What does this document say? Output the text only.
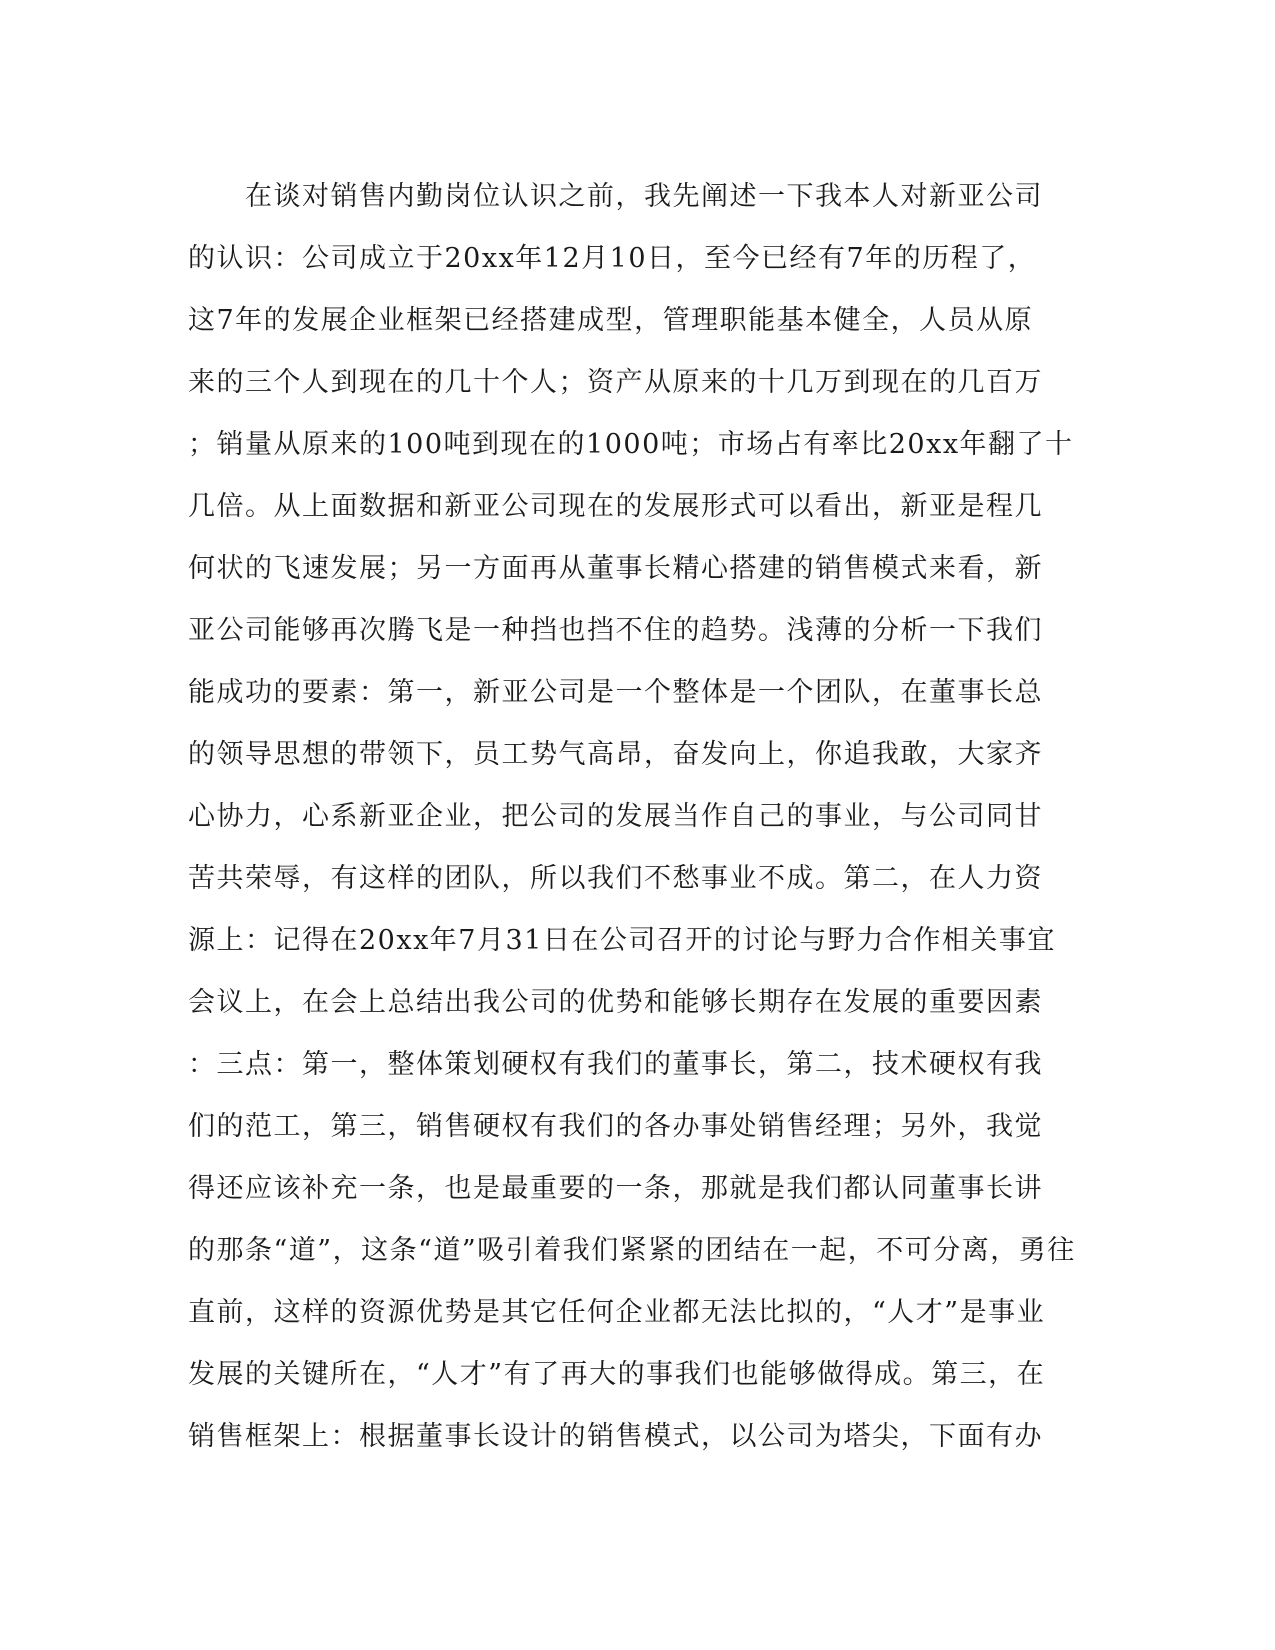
　　在谈对销售内勤岗位认识之前，我先阐述一下我本人对新亚公司
的认识：公司成立于20xx年12月10日，至今已经有7年的历程了，
这7年的发展企业框架已经搭建成型，管理职能基本健全，人员从原
来的三个人到现在的几十个人；资产从原来的十几万到现在的几百万
；销量从原来的100吨到现在的1000吨；市场占有率比20xx年翻了十
几倍。从上面数据和新亚公司现在的发展形式可以看出，新亚是程几
何状的飞速发展；另一方面再从董事长精心搭建的销售模式来看，新
亚公司能够再次腾飞是一种挡也挡不住的趋势。浅薄的分析一下我们
能成功的要素：第一，新亚公司是一个整体是一个团队，在董事长总
的领导思想的带领下，员工势气高昂，奋发向上，你追我敢，大家齐
心协力，心系新亚企业，把公司的发展当作自己的事业，与公司同甘
苦共荣辱，有这样的团队，所以我们不愁事业不成。第二，在人力资
源上：记得在20xx年7月31日在公司召开的讨论与野力合作相关事宜
会议上，在会上总结出我公司的优势和能够长期存在发展的重要因素
：三点：第一，整体策划硬权有我们的董事长，第二，技术硬权有我
们的范工，第三，销售硬权有我们的各办事处销售经理；另外，我觉
得还应该补充一条，也是最重要的一条，那就是我们都认同董事长讲
的那条“道”，这条“道”吸引着我们紧紧的团结在一起，不可分离，勇往
直前，这样的资源优势是其它任何企业都无法比拟的，“人才”是事业
发展的关键所在，“人才”有了再大的事我们也能够做得成。第三，在
销售框架上：根据董事长设计的销售模式，以公司为塔尖，下面有办
